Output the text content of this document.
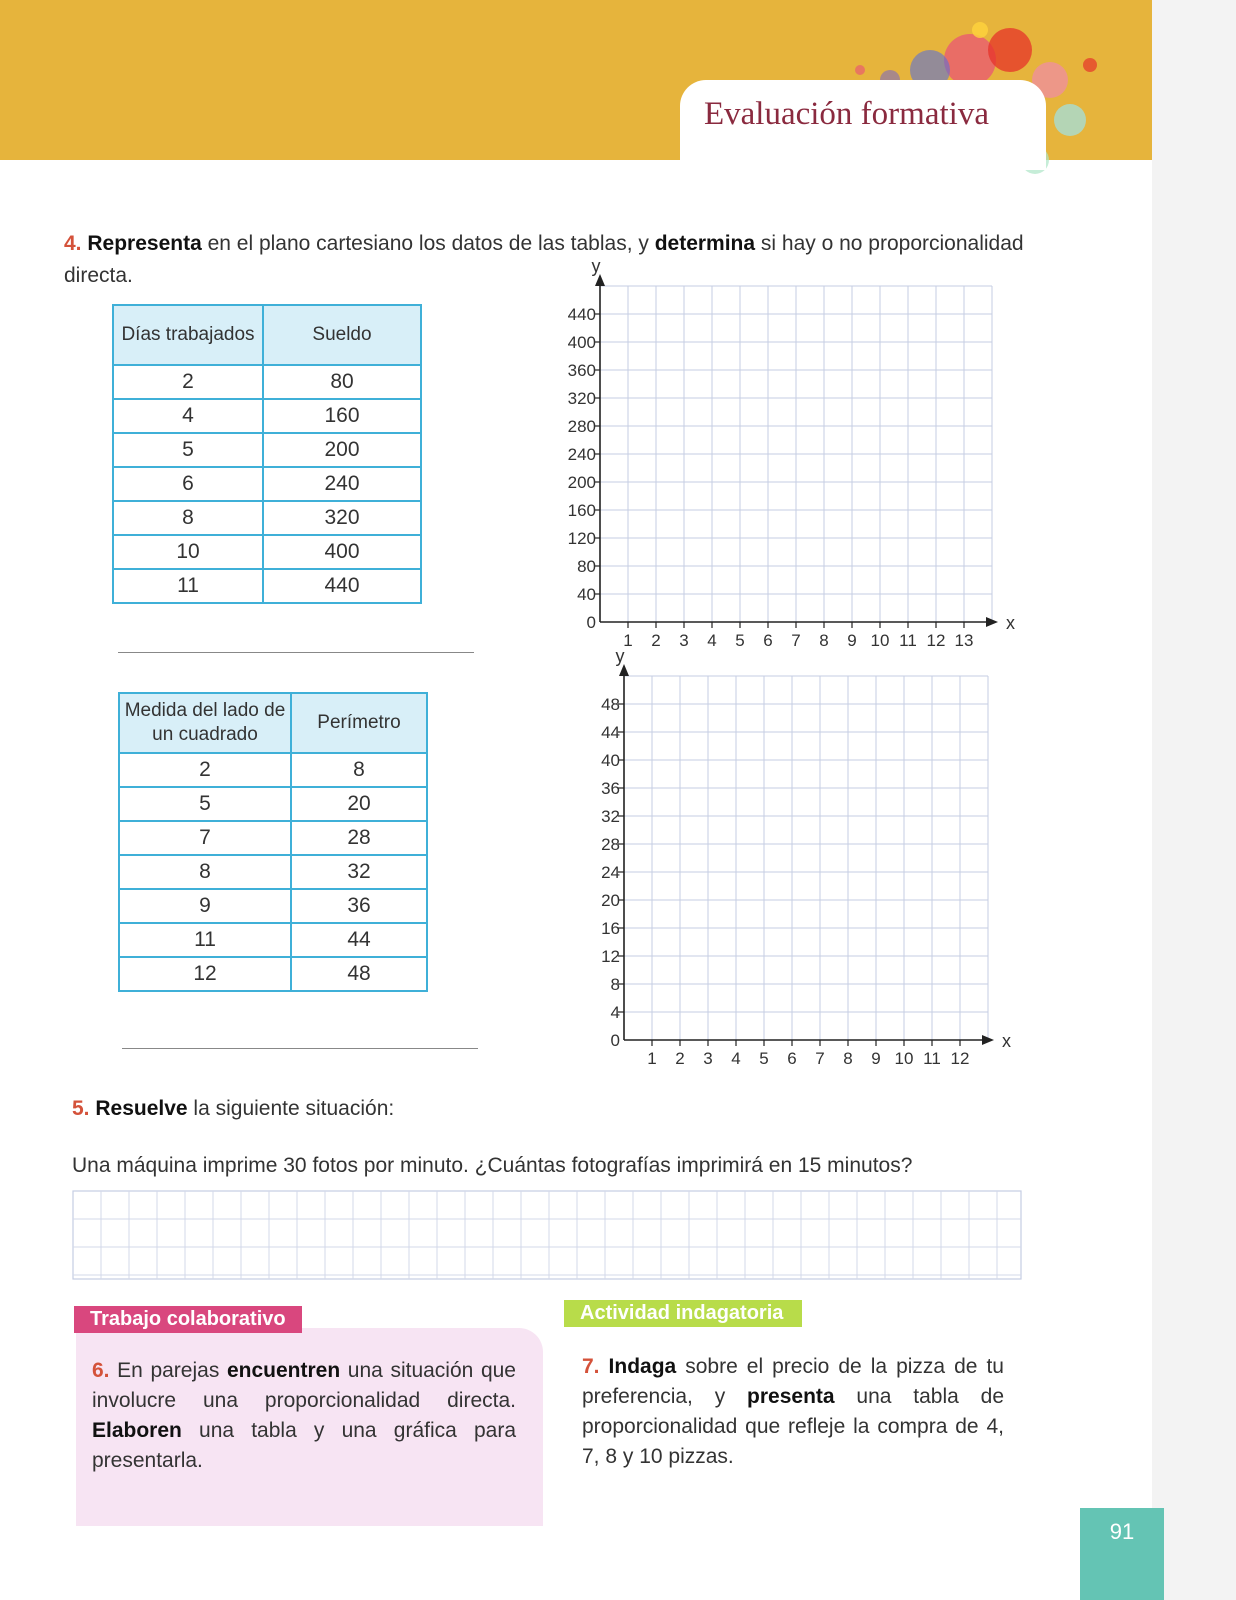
Evaluación formativa
4. Representa en el plano cartesiano los datos de las tablas, y determina si hay o no proporcionalidad directa.
Días trabajados	Sueldo
2	80
4	160
5	200
6	240
8	320
10	400
11	440
y
x
0
40
80
120
160
200
240
280
320
360
400
440
1 2 3 4 5 6 7 8 9 10 11 12 13
Medida del lado de un cuadrado	Perímetro
2	8
5	20
7	28
8	32
9	36
11	44
12	48
y
x
0
4
8
12
16
20
24
28
32
36
40
44
48
1 2 3 4 5 6 7 8 9 10 11 12
5. Resuelve la siguiente situación:
Una máquina imprime 30 fotos por minuto. ¿Cuántas fotografías imprimirá en 15 minutos?
Trabajo colaborativo
6. En parejas encuentren una situación que involucre una proporcionalidad directa. Elaboren una tabla y una gráfica para presentarla.
Actividad indagatoria
7. Indaga sobre el precio de la pizza de tu preferencia, y presenta una tabla de proporcionalidad que refleje la compra de 4, 7, 8 y 10 pizzas.
91
